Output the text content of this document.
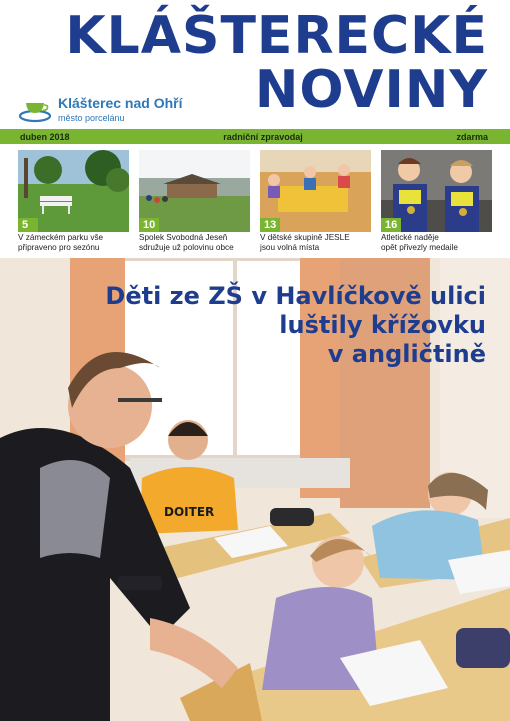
KLÁŠTERECKÉ
NOVINY
Klášterec nad Ohří
město porcelánu
duben 2018	radniční zpravodaj	zdarma
5
V zámeckém parku vše
připraveno pro sezónu
10
Spolek Svobodná Jeseň
sdružuje už polovinu obce
13
V dětské skupině JESLE
jsou volná místa
16
Atletické naděje
opět přivezly medaile
DOITER
Děti ze ZŠ v Havlíčkově ulici
luštily křížovku
v angličtině
